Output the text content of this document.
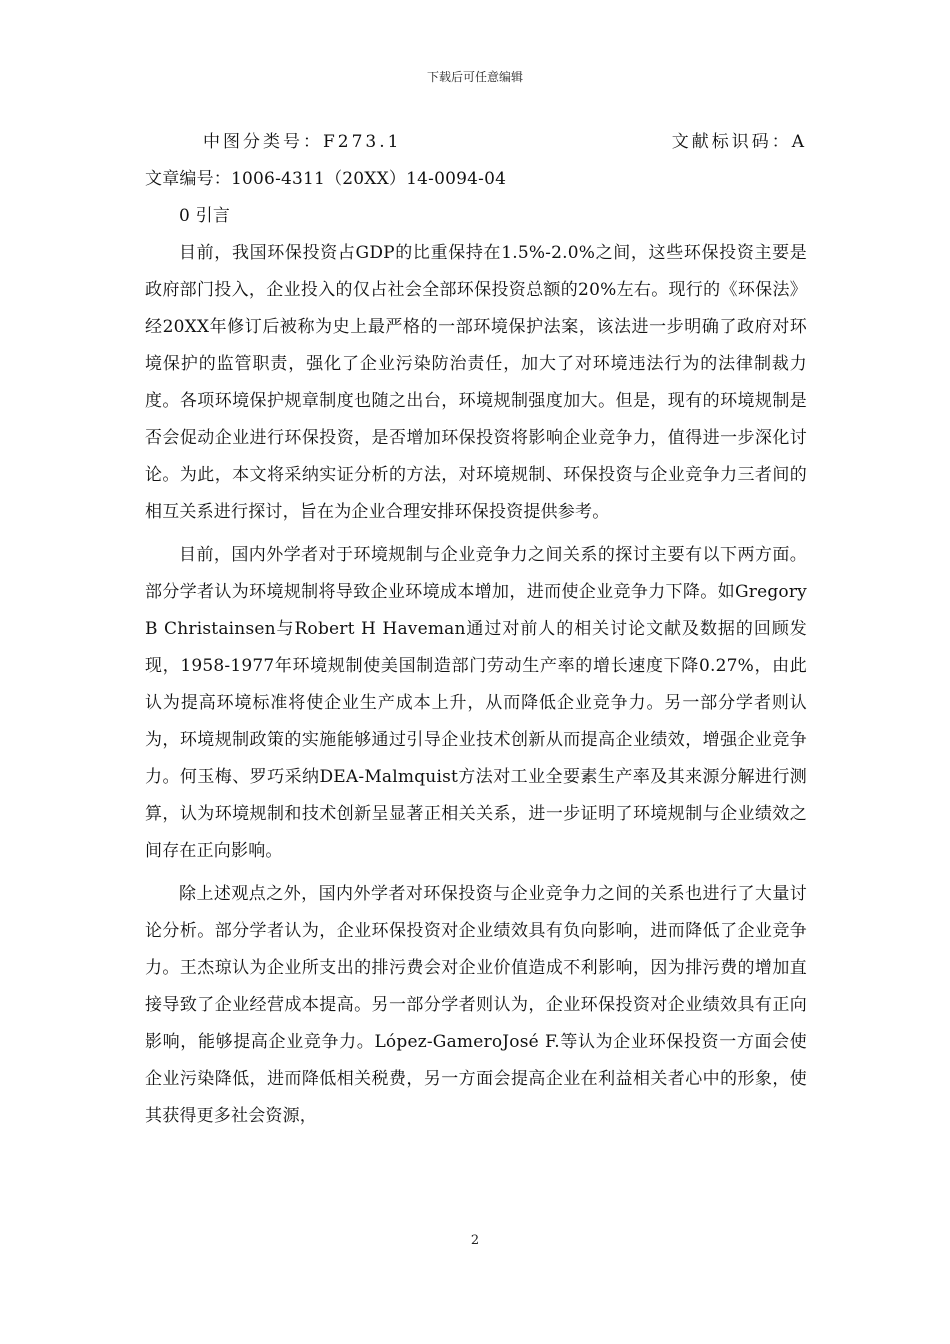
下载后可任意编辑
中图分类号：F273.1	文献标识码：A
文章编号：1006-4311（20XX）14-0094-04
0 引言

目前，我国环保投资占GDP的比重保持在1.5%-2.0%之间，这些环保投资主要是政府部门投入，企业投入的仅占社会全部环保投资总额的20%左右。现行的《环保法》经20XX年修订后被称为史上最严格的一部环境保护法案，该法进一步明确了政府对环境保护的监管职责，强化了企业污染防治责任，加大了对环境违法行为的法律制裁力度。各项环境保护规章制度也随之出台，环境规制强度加大。但是，现有的环境规制是否会促动企业进行环保投资，是否增加环保投资将影响企业竞争力，值得进一步深化讨论。为此，本文将采纳实证分析的方法，对环境规制、环保投资与企业竞争力三者间的相互关系进行探讨，旨在为企业合理安排环保投资提供参考。

目前，国内外学者对于环境规制与企业竞争力之间关系的探讨主要有以下两方面。部分学者认为环境规制将导致企业环境成本增加，进而使企业竞争力下降。如Gregory B Christainsen与Robert H Haveman通过对前人的相关讨论文献及数据的回顾发现，1958-1977年环境规制使美国制造部门劳动生产率的增长速度下降0.27%，由此认为提高环境标准将使企业生产成本上升，从而降低企业竞争力。另一部分学者则认为，环境规制政策的实施能够通过引导企业技术创新从而提高企业绩效，增强企业竞争力。何玉梅、罗巧采纳DEA-Malmquist方法对工业全要素生产率及其来源分解进行测算，认为环境规制和技术创新呈显著正相关关系，进一步证明了环境规制与企业绩效之间存在正向影响。

除上述观点之外，国内外学者对环保投资与企业竞争力之间的关系也进行了大量讨论分析。部分学者认为，企业环保投资对企业绩效具有负向影响，进而降低了企业竞争力。王杰琼认为企业所支出的排污费会对企业价值造成不利影响，因为排污费的增加直接导致了企业经营成本提高。另一部分学者则认为，企业环保投资对企业绩效具有正向影响，能够提高企业竞争力。López-GameroJosé F.等认为企业环保投资一方面会使企业污染降低，进而降低相关税费，另一方面会提高企业在利益相关者心中的形象，使其获得更多社会资源，

2
